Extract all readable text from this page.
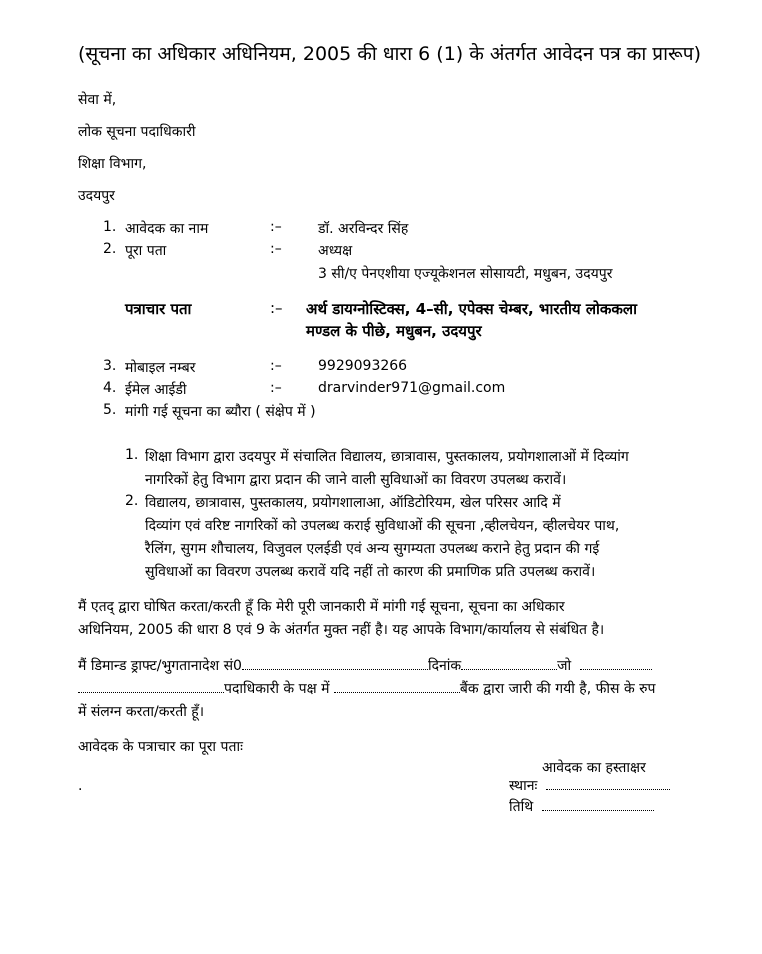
(सूचना का अधिकार अधिनियम, 2005 की धारा 6 (1) के अंतर्गत आवेदन पत्र का प्रारूप)
सेवा में,
लोक सूचना पदाधिकारी
शिक्षा विभाग,
उदयपुर
1. आवेदक का नाम	:–	डॉ. अरविन्दर सिंह
2. पूरा पता	:–	अध्यक्ष
3 सी/ए पेनएशीया एज्यूकेशनल सोसायटी, मधुबन, उदयपुर
पत्राचार पता	:– अर्थ डायग्नोस्टिक्स, 4–सी, एपेक्स चेम्बर, भारतीय लोककला
मण्डल के पीछे, मधुबन, उदयपुर
3. मोबाइल नम्बर	:–	9929093266
4. ईमेल आईडी	:–	drarvinder971@gmail.com
5. मांगी गई सूचना का ब्यौरा ( संक्षेप में )
1. शिक्षा विभाग द्वारा उदयपुर में संचालित विद्यालय, छात्रावास, पुस्तकालय, प्रयोगशालाओं में दिव्यांग
नागरिकों हेतु विभाग द्वारा प्रदान की जाने वाली सुविधाओं का विवरण उपलब्ध करावें।
2. विद्यालय, छात्रावास, पुस्तकालय, प्रयोगशालाआ, ऑडिटोरियम, खेल परिसर आदि में
दिव्यांग एवं वरिष्ट नागरिकों को उपलब्ध कराई सुविधाओं की सूचना ,व्हीलचेयन, व्हीलचेयर पाथ,
रैलिंग, सुगम शौचालय, विजुवल एलईडी एवं अन्य सुगम्यता उपलब्ध कराने हेतु प्रदान की गई
सुविधाओं का विवरण उपलब्ध करावें यदि नहीं तो कारण की प्रमाणिक प्रति उपलब्ध करावें।
मैं एतद् द्वारा घोषित करता/करती हूँ कि मेरी पूरी जानकारी में मांगी गई सूचना, सूचना का अधिकार
अधिनियम, 2005 की धारा 8 एवं 9 के अंतर्गत मुक्त नहीं है। यह आपके विभाग/कार्यालय से संबंधित है।
मैं डिमान्ड ड्राफ्ट/भुगतानादेश सं0	दिनांक	जो
पदाधिकारी के पक्ष में	बैंक द्वारा जारी की गयी है, फीस के रुप
में संलग्न करता/करती हूँ।
आवेदक के पत्राचार का पूरा पताः
आवेदक का हस्ताक्षर
.	स्थानः
तिथि
